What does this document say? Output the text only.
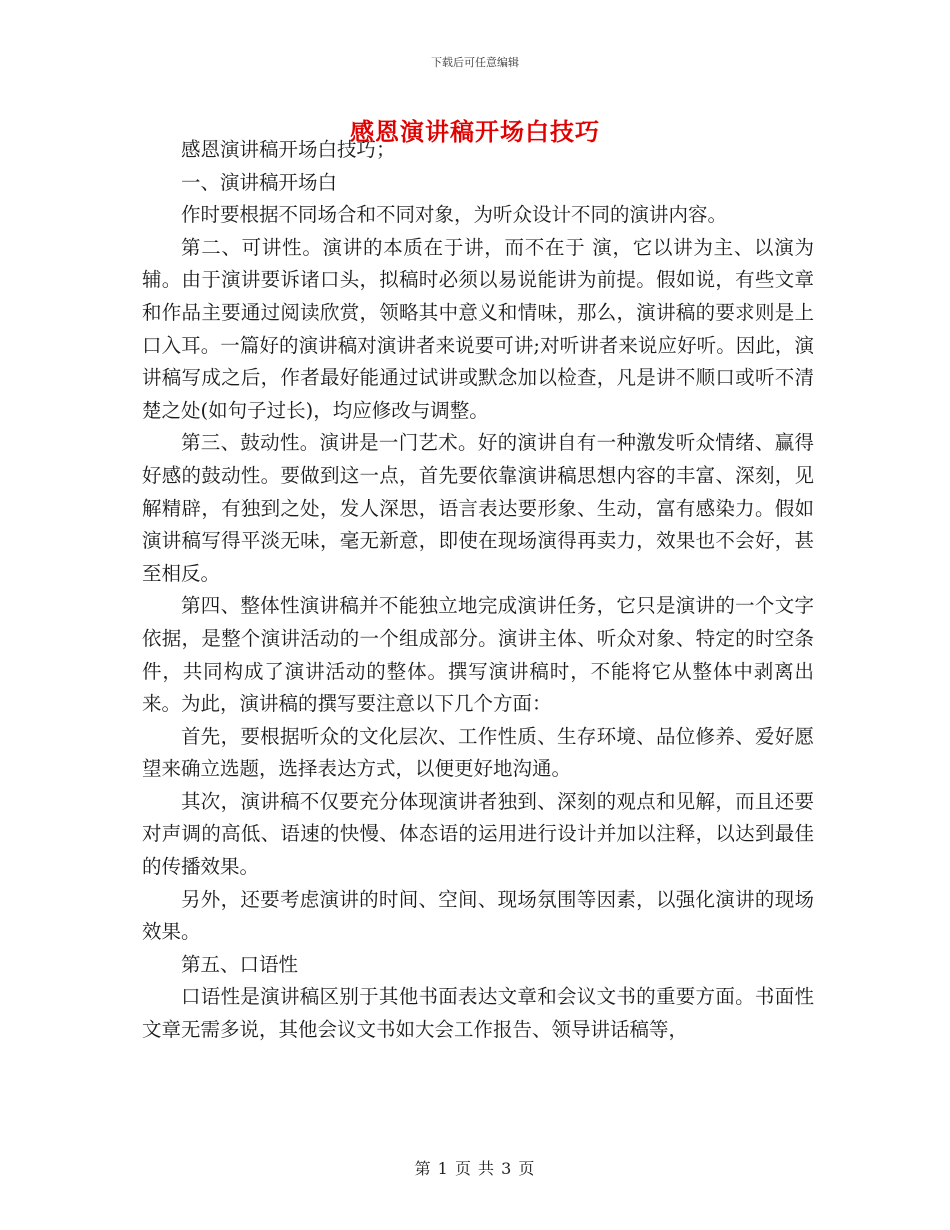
下载后可任意编辑
感恩演讲稿开场白技巧

感恩演讲稿开场白技巧；

一、演讲稿开场白

作时要根据不同场合和不同对象，为听众设计不同的演讲内容。

第二、可讲性。演讲的本质在于讲，而不在于 演，它以讲为主、以演为辅。由于演讲要诉诸口头，拟稿时必须以易说能讲为前提。假如说，有些文章和作品主要通过阅读欣赏，领略其中意义和情味，那么，演讲稿的要求则是上口入耳。一篇好的演讲稿对演讲者来说要可讲;对听讲者来说应好听。因此，演讲稿写成之后，作者最好能通过试讲或默念加以检查，凡是讲不顺口或听不清楚之处(如句子过长)，均应修改与调整。

第三、鼓动性。演讲是一门艺术。好的演讲自有一种激发听众情绪、赢得好感的鼓动性。要做到这一点，首先要依靠演讲稿思想内容的丰富、深刻，见解精辟，有独到之处，发人深思，语言表达要形象、生动，富有感染力。假如演讲稿写得平淡无味，毫无新意，即使在现场演得再卖力，效果也不会好，甚至相反。

第四、整体性演讲稿并不能独立地完成演讲任务，它只是演讲的一个文字依据，是整个演讲活动的一个组成部分。演讲主体、听众对象、特定的时空条件，共同构成了演讲活动的整体。撰写演讲稿时，不能将它从整体中剥离出来。为此，演讲稿的撰写要注意以下几个方面：

首先，要根据听众的文化层次、工作性质、生存环境、品位修养、爱好愿望来确立选题，选择表达方式，以便更好地沟通。

其次，演讲稿不仅要充分体现演讲者独到、深刻的观点和见解，而且还要对声调的高低、语速的快慢、体态语的运用进行设计并加以注释，以达到最佳的传播效果。

另外，还要考虑演讲的时间、空间、现场氛围等因素，以强化演讲的现场效果。

第五、口语性

口语性是演讲稿区别于其他书面表达文章和会议文书的重要方面。书面性文章无需多说，其他会议文书如大会工作报告、领导讲话稿等，

第 1 页 共 3 页
